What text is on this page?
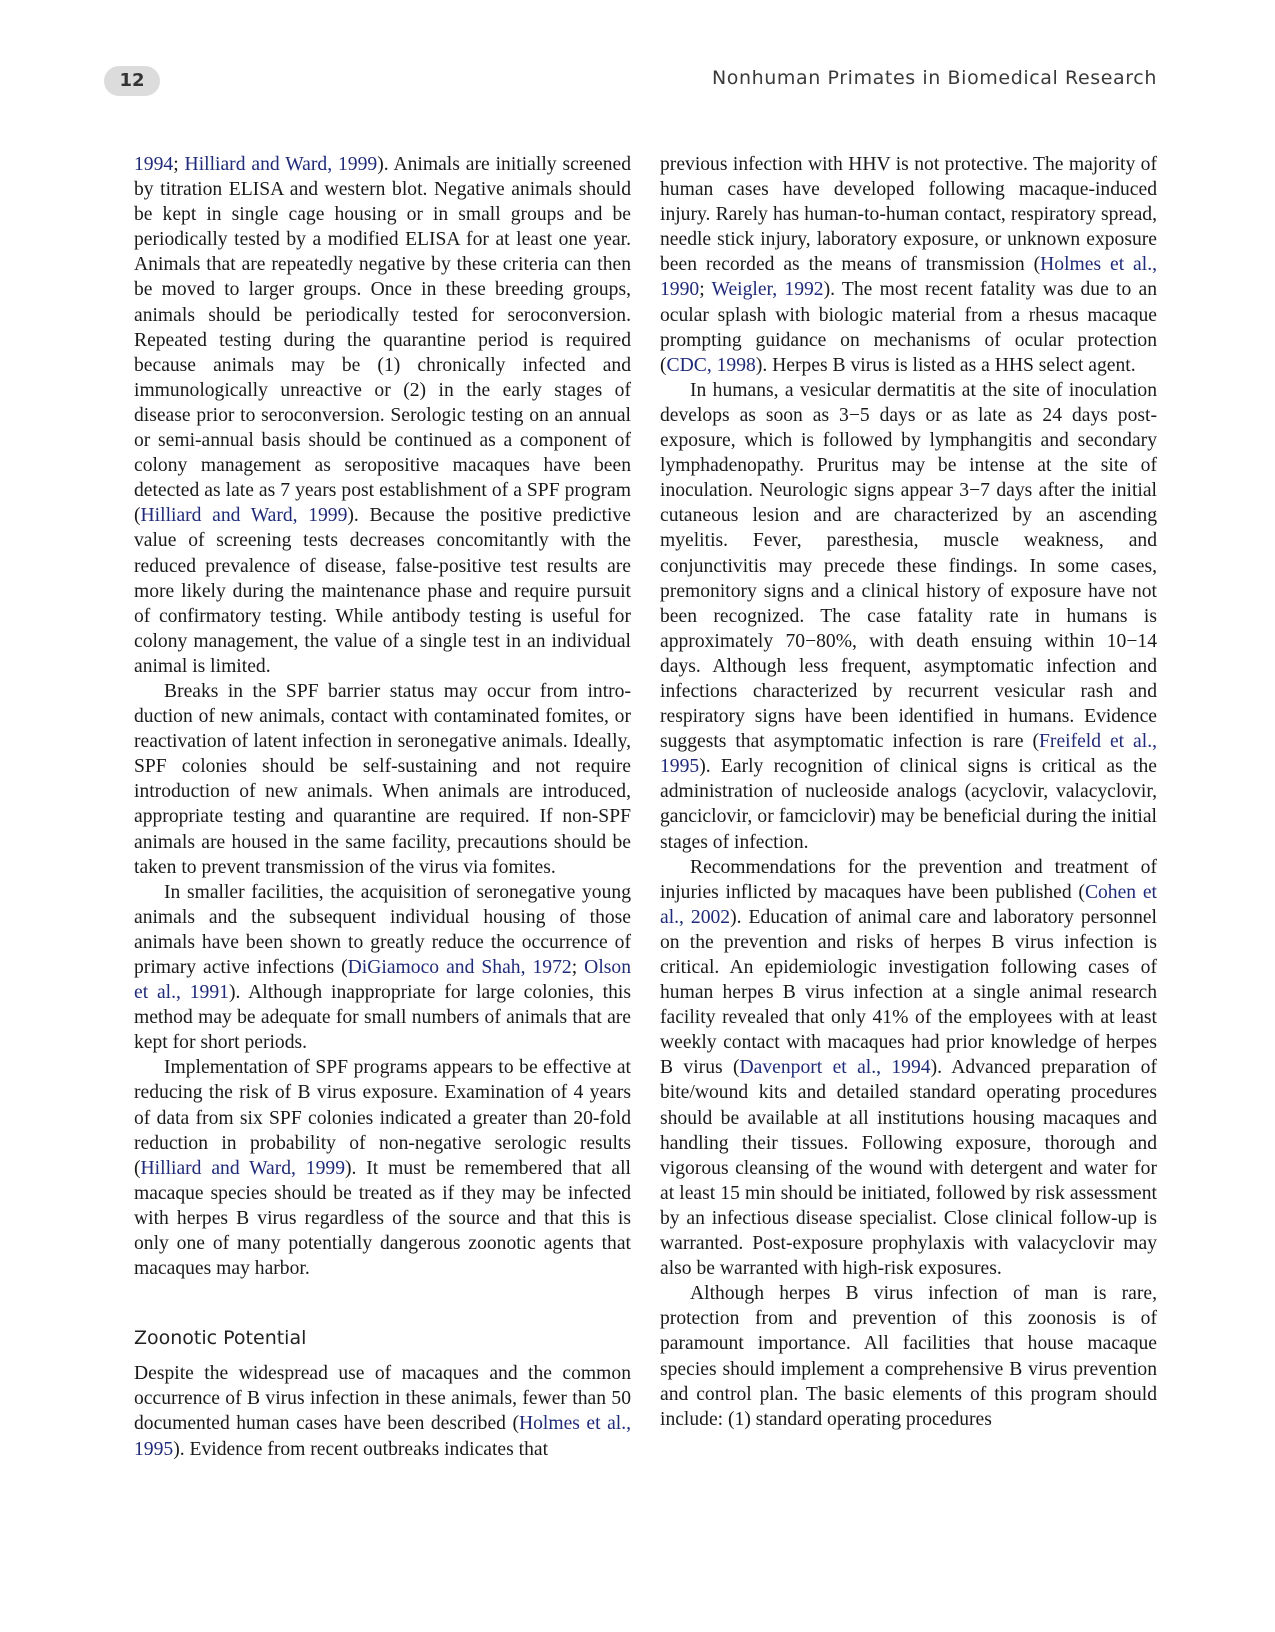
12	Nonhuman Primates in Biomedical Research

1994; Hilliard and Ward, 1999). Animals are initially screened by titration ELISA and western blot. Negative animals should be kept in single cage housing or in small groups and be periodically tested by a modified ELISA for at least one year. Animals that are repeatedly negative by these criteria can then be moved to larger groups. Once in these breeding groups, animals should be periodically tested for seroconversion. Repeated testing during the quarantine period is required because animals may be (1) chronically infected and immunologically unreactive or (2) in the early stages of disease prior to seroconversion. Serologic testing on an annual or semi-annual basis should be continued as a component of colony management as seropositive macaques have been detected as late as 7 years post establishment of a SPF program (Hilliard and Ward, 1999). Because the positive predictive value of screening tests decreases concomitantly with the reduced prevalence of disease, false-positive test results are more likely during the maintenance phase and require pursuit of confirmatory testing. While antibody testing is useful for colony management, the value of a single test in an individual animal is limited.

Breaks in the SPF barrier status may occur from introduction of new animals, contact with contaminated fomites, or reactivation of latent infection in seronegative animals. Ideally, SPF colonies should be self-sustaining and not require introduction of new animals. When animals are introduced, appropriate testing and quarantine are required. If non-SPF animals are housed in the same facility, precautions should be taken to prevent transmission of the virus via fomites.

In smaller facilities, the acquisition of seronegative young animals and the subsequent individual housing of those animals have been shown to greatly reduce the occurrence of primary active infections (DiGiamoco and Shah, 1972; Olson et al., 1991). Although inappropriate for large colonies, this method may be adequate for small numbers of animals that are kept for short periods.

Implementation of SPF programs appears to be effective at reducing the risk of B virus exposure. Examination of 4 years of data from six SPF colonies indicated a greater than 20-fold reduction in probability of non-negative serologic results (Hilliard and Ward, 1999). It must be remembered that all macaque species should be treated as if they may be infected with herpes B virus regardless of the source and that this is only one of many potentially dangerous zoonotic agents that macaques may harbor.

Zoonotic Potential

Despite the widespread use of macaques and the common occurrence of B virus infection in these animals, fewer than 50 documented human cases have been described (Holmes et al., 1995). Evidence from recent outbreaks indicates that

previous infection with HHV is not protective. The majority of human cases have developed following macaque-induced injury. Rarely has human-to-human contact, respiratory spread, needle stick injury, laboratory exposure, or unknown exposure been recorded as the means of transmission (Holmes et al., 1990; Weigler, 1992). The most recent fatality was due to an ocular splash with biologic material from a rhesus macaque prompting guidance on mechanisms of ocular protection (CDC, 1998). Herpes B virus is listed as a HHS select agent.

In humans, a vesicular dermatitis at the site of inoculation develops as soon as 3−5 days or as late as 24 days post-exposure, which is followed by lymphangitis and secondary lymphadenopathy. Pruritus may be intense at the site of inoculation. Neurologic signs appear 3−7 days after the initial cutaneous lesion and are characterized by an ascending myelitis. Fever, paresthesia, muscle weakness, and conjunctivitis may precede these findings. In some cases, premonitory signs and a clinical history of exposure have not been recognized. The case fatality rate in humans is approximately 70−80%, with death ensuing within 10−14 days. Although less frequent, asymptomatic infection and infections characterized by recurrent vesicular rash and respiratory signs have been identified in humans. Evidence suggests that asymptomatic infection is rare (Freifeld et al., 1995). Early recognition of clinical signs is critical as the administration of nucleoside analogs (acyclovir, valacyclovir, ganciclovir, or famciclovir) may be beneficial during the initial stages of infection.

Recommendations for the prevention and treatment of injuries inflicted by macaques have been published (Cohen et al., 2002). Education of animal care and laboratory personnel on the prevention and risks of herpes B virus infection is critical. An epidemiologic investigation following cases of human herpes B virus infection at a single animal research facility revealed that only 41% of the employees with at least weekly contact with macaques had prior knowledge of herpes B virus (Davenport et al., 1994). Advanced preparation of bite/wound kits and detailed standard operating procedures should be available at all institutions housing macaques and handling their tissues. Following exposure, thorough and vigorous cleansing of the wound with detergent and water for at least 15 min should be initiated, followed by risk assessment by an infectious disease specialist. Close clinical follow-up is warranted. Post-exposure prophylaxis with valacyclovir may also be warranted with high-risk exposures.

Although herpes B virus infection of man is rare, protection from and prevention of this zoonosis is of paramount importance. All facilities that house macaque species should implement a comprehensive B virus prevention and control plan. The basic elements of this program should include: (1) standard operating procedures
